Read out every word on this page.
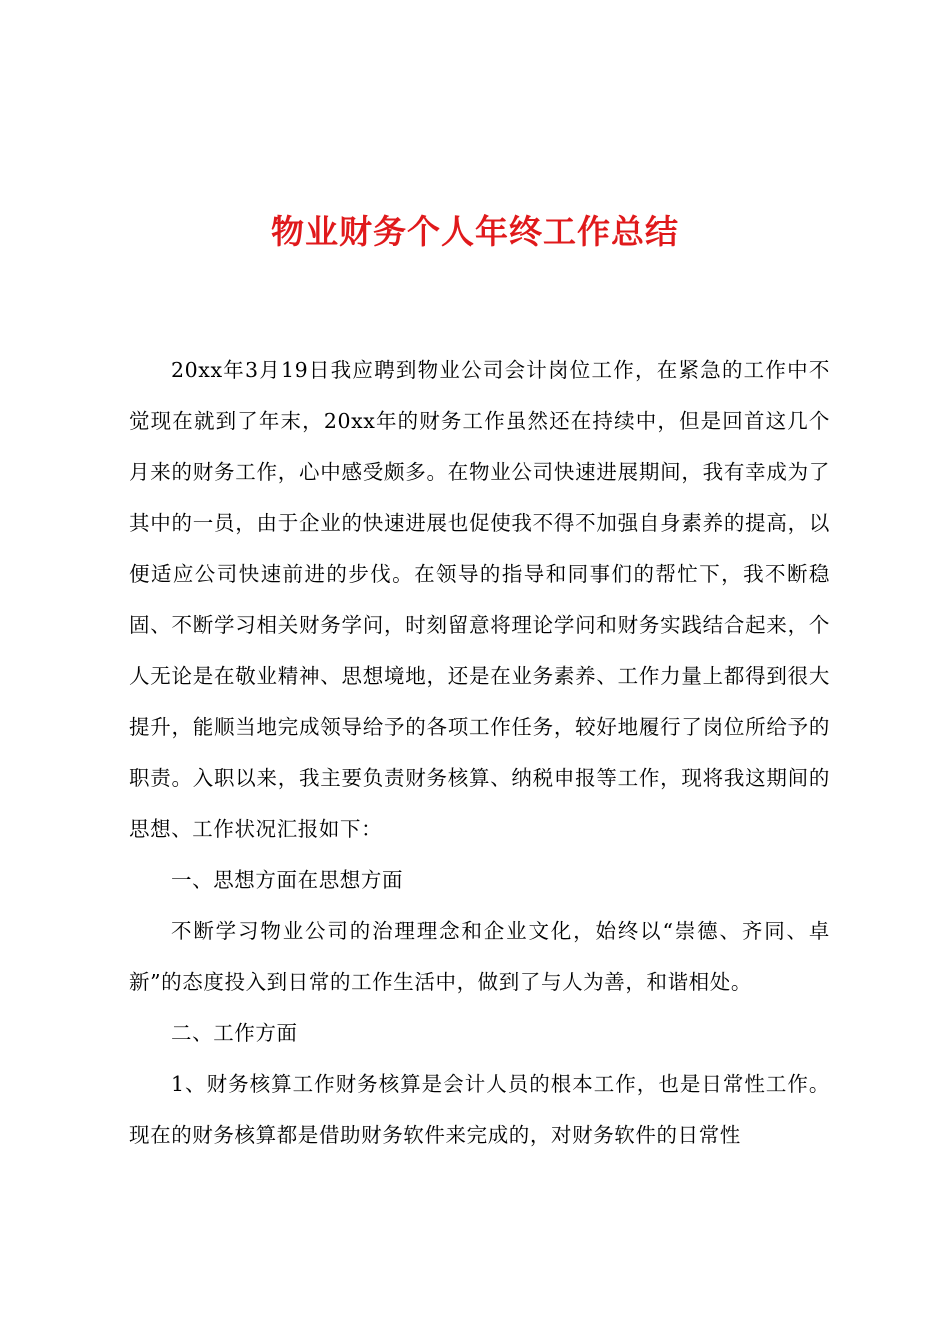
物业财务个人年终工作总结

20xx年3月19日我应聘到物业公司会计岗位工作，在紧急的工作中不觉现在就到了年末，20xx年的财务工作虽然还在持续中，但是回首这几个月来的财务工作，心中感受颇多。在物业公司快速进展期间，我有幸成为了其中的一员，由于企业的快速进展也促使我不得不加强自身素养的提高，以便适应公司快速前进的步伐。在领导的指导和同事们的帮忙下，我不断稳固、不断学习相关财务学问，时刻留意将理论学问和财务实践结合起来，个人无论是在敬业精神、思想境地，还是在业务素养、工作力量上都得到很大提升，能顺当地完成领导给予的各项工作任务，较好地履行了岗位所给予的职责。入职以来，我主要负责财务核算、纳税申报等工作，现将我这期间的思想、工作状况汇报如下：

一、思想方面在思想方面

不断学习物业公司的治理理念和企业文化，始终以“崇德、齐同、卓新”的态度投入到日常的工作生活中，做到了与人为善，和谐相处。

二、工作方面

1、财务核算工作财务核算是会计人员的根本工作，也是日常性工作。现在的财务核算都是借助财务软件来完成的，对财务软件的日常性
